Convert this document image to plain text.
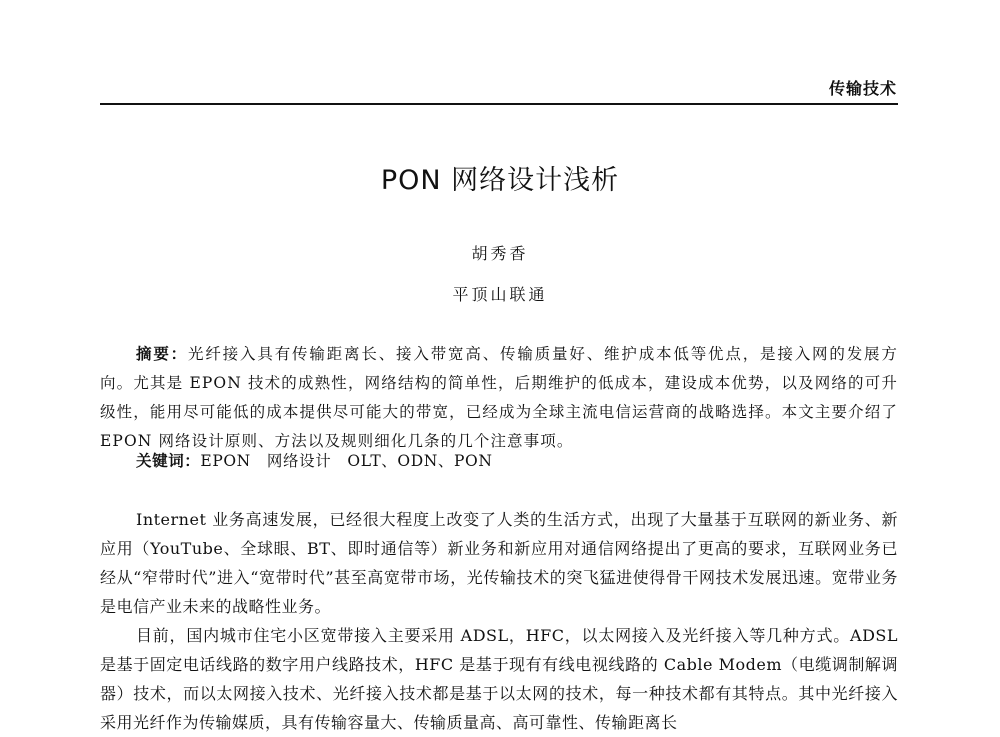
传输技术
PON 网络设计浅析
胡秀香
平顶山联通

摘要：光纤接入具有传输距离长、接入带宽高、传输质量好、维护成本低等优点，是接入网的发展方向。尤其是 EPON 技术的成熟性，网络结构的简单性，后期维护的低成本，建设成本优势，以及网络的可升级性，能用尽可能低的成本提供尽可能大的带宽，已经成为全球主流电信运营商的战略选择。本文主要介绍了 EPON 网络设计原则、方法以及规则细化几条的几个注意事项。

关键词：EPON　网络设计　OLT、ODN、PON

Internet 业务高速发展，已经很大程度上改变了人类的生活方式，出现了大量基于互联网的新业务、新应用（YouTube、全球眼、BT、即时通信等）新业务和新应用对通信网络提出了更高的要求，互联网业务已经从“窄带时代”进入“宽带时代”甚至高宽带市场，光传输技术的突飞猛进使得骨干网技术发展迅速。宽带业务是电信产业未来的战略性业务。

目前，国内城市住宅小区宽带接入主要采用 ADSL，HFC，以太网接入及光纤接入等几种方式。ADSL 是基于固定电话线路的数字用户线路技术，HFC 是基于现有有线电视线路的 Cable Modem（电缆调制解调器）技术，而以太网接入技术、光纤接入技术都是基于以太网的技术，每一种技术都有其特点。其中光纤接入采用光纤作为传输媒质，具有传输容量大、传输质量高、高可靠性、传输距离长
